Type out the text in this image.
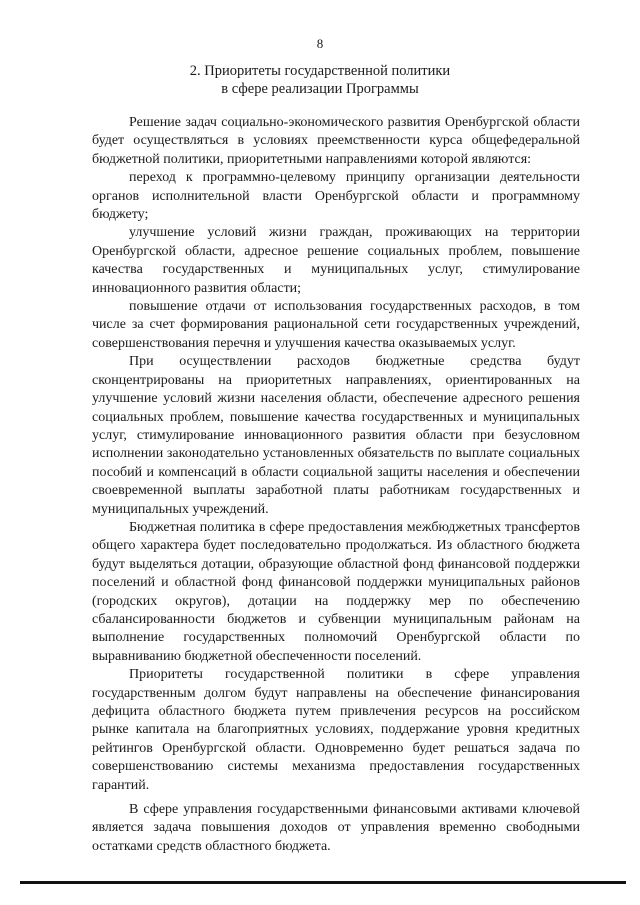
8
2. Приоритеты государственной политики
в сфере реализации Программы

Решение задач социально-экономического развития Оренбургской области будет осуществляться в условиях преемственности курса общефедеральной бюджетной политики, приоритетными направлениями которой являются:

переход к программно-целевому принципу организации деятельности органов исполнительной власти Оренбургской области и программному бюджету;

улучшение условий жизни граждан, проживающих на территории Оренбургской области, адресное решение социальных проблем, повышение качества государственных и муниципальных услуг, стимулирование инновационного развития области;

повышение отдачи от использования государственных расходов, в том числе за счет формирования рациональной сети государственных учреждений, совершенствования перечня и улучшения качества оказываемых услуг.

При осуществлении расходов бюджетные средства будут сконцентрированы на приоритетных направлениях, ориентированных на улучшение условий жизни населения области, обеспечение адресного решения социальных проблем, повышение качества государственных и муниципальных услуг, стимулирование инновационного развития области при безусловном исполнении законодательно установленных обязательств по выплате социальных пособий и компенсаций в области социальной защиты населения и обеспечении своевременной выплаты заработной платы работникам государственных и муниципальных учреждений.

Бюджетная политика в сфере предоставления межбюджетных трансфертов общего характера будет последовательно продолжаться. Из областного бюджета будут выделяться дотации, образующие областной фонд финансовой поддержки поселений и областной фонд финансовой поддержки муниципальных районов (городских округов), дотации на поддержку мер по обеспечению сбалансированности бюджетов и субвенции муниципальным районам на выполнение государственных полномочий Оренбургской области по выравниванию бюджетной обеспеченности поселений.

Приоритеты государственной политики в сфере управления государственным долгом будут направлены на обеспечение финансирования дефицита областного бюджета путем привлечения ресурсов на российском рынке капитала на благоприятных условиях, поддержание уровня кредитных рейтингов Оренбургской области. Одновременно будет решаться задача по совершенствованию системы механизма предоставления государственных гарантий.

В сфере управления государственными финансовыми активами ключевой является задача повышения доходов от управления временно свободными остатками средств областного бюджета.
